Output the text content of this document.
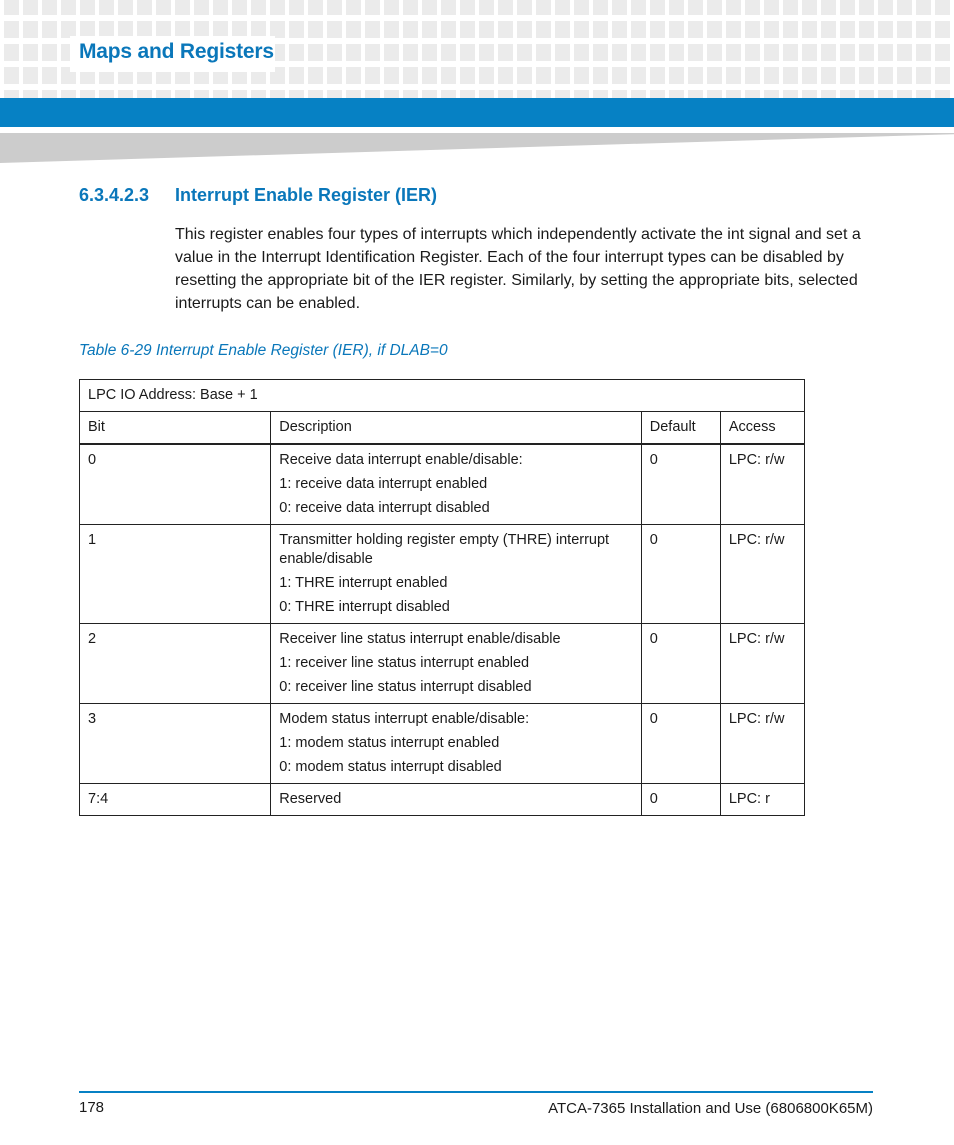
Maps and Registers
6.3.4.2.3 Interrupt Enable Register (IER)
This register enables four types of interrupts which independently activate the int signal and set a value in the Interrupt Identification Register. Each of the four interrupt types can be disabled by resetting the appropriate bit of the IER register. Similarly, by setting the appropriate bits, selected interrupts can be enabled.
Table 6-29 Interrupt Enable Register (IER), if DLAB=0
LPC IO Address: Base + 1			
Bit	Description	Default	Access
0	Receive data interrupt enable/disable:
1: receive data interrupt enabled
0: receive data interrupt disabled	0	LPC: r/w
1	Transmitter holding register empty (THRE) interrupt enable/disable
1: THRE interrupt enabled
0: THRE interrupt disabled	0	LPC: r/w
2	Receiver line status interrupt enable/disable
1: receiver line status interrupt enabled
0: receiver line status interrupt disabled	0	LPC: r/w
3	Modem status interrupt enable/disable:
1: modem status interrupt enabled
0: modem status interrupt disabled	0	LPC: r/w
7:4	Reserved	0	LPC: r
178	ATCA-7365 Installation and Use (6806800K65M)
